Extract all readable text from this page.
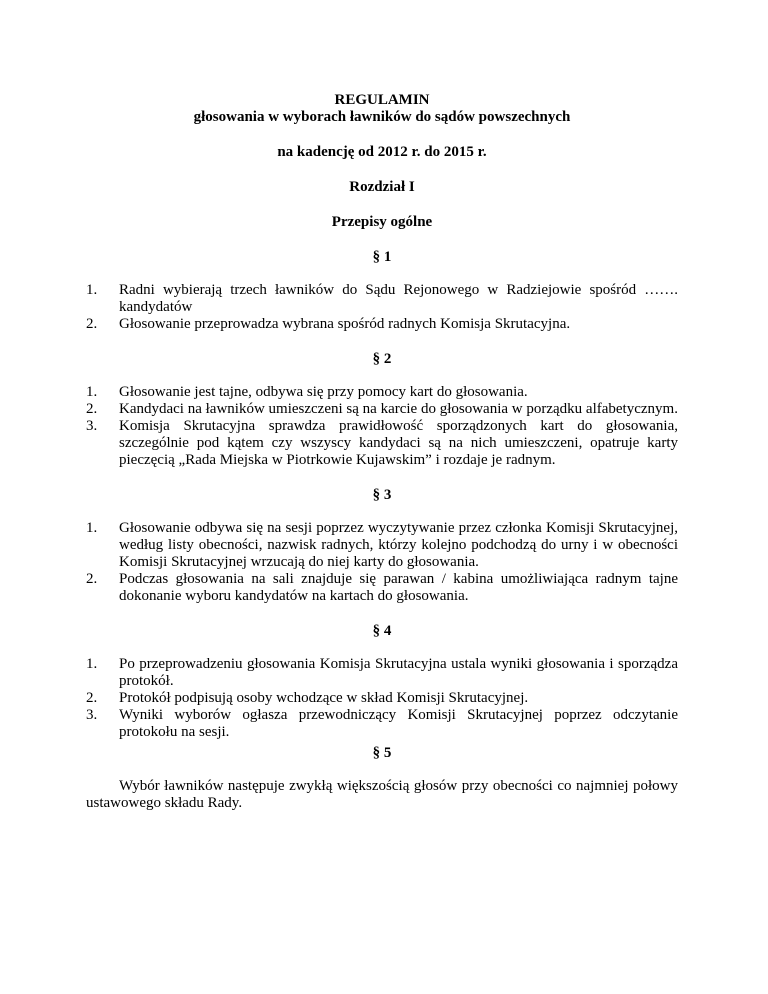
REGULAMIN
głosowania w wyborach ławników do sądów powszechnych
na kadencję od 2012 r. do 2015 r.
Rozdział I
Przepisy ogólne
§ 1
1. Radni wybierają trzech ławników do Sądu Rejonowego w Radziejowie spośród ……. kandydatów
2. Głosowanie przeprowadza wybrana spośród radnych Komisja Skrutacyjna.
§ 2
1. Głosowanie jest tajne, odbywa się przy pomocy kart do głosowania.
2. Kandydaci na ławników umieszczeni są na karcie do głosowania w porządku alfabetycznym.
3. Komisja Skrutacyjna sprawdza prawidłowość sporządzonych kart do głosowania, szczególnie pod kątem czy wszyscy kandydaci są na nich umieszczeni, opatruje karty pieczęcią „Rada Miejska w Piotrkowie Kujawskim” i rozdaje je radnym.
§ 3
1. Głosowanie odbywa się na sesji poprzez wyczytywanie przez członka Komisji Skrutacyjnej, według listy obecności, nazwisk radnych, którzy kolejno podchodzą do urny i w obecności Komisji Skrutacyjnej wrzucają do niej karty do głosowania.
2. Podczas głosowania na sali znajduje się parawan / kabina umożliwiająca radnym tajne dokonanie wyboru kandydatów na kartach do głosowania.
§ 4
1. Po przeprowadzeniu głosowania Komisja Skrutacyjna ustala wyniki głosowania i sporządza protokół.
2. Protokół podpisują osoby wchodzące w skład Komisji Skrutacyjnej.
3. Wyniki wyborów ogłasza przewodniczący Komisji Skrutacyjnej poprzez odczytanie protokołu na sesji.
§ 5

Wybór ławników następuje zwykłą większością głosów przy obecności co najmniej połowy ustawowego składu Rady.
